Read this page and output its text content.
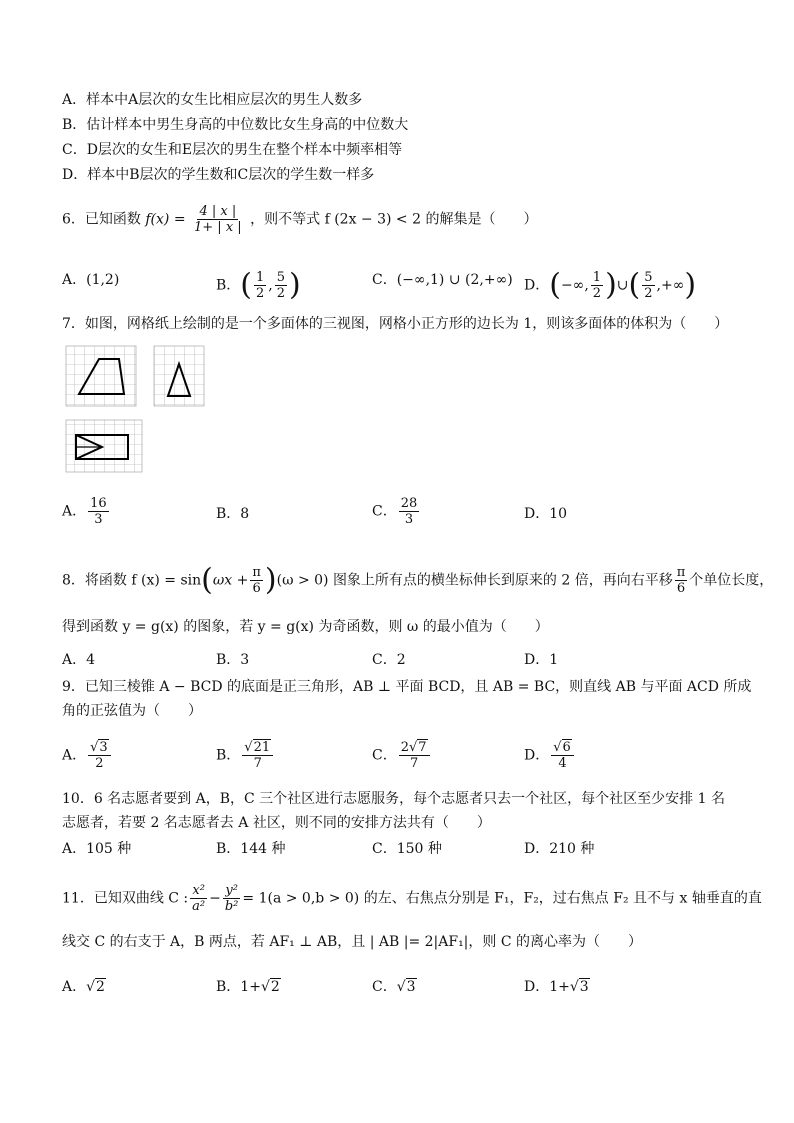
A．样本中A层次的女生比相应层次的男生人数多
B．估计样本中男生身高的中位数比女生身高的中位数大
C．D层次的女生和E层次的男生在整个样本中频率相等
D．样本中B层次的学生数和C层次的学生数一样多
6．已知函数 $f(x) = \frac{4 | x |}{1+ | x |}$ ，则不等式 f (2x − 3) < 2 的解集是（　　）
A．(1,2)	B．( $\frac{1}{2}$ , $\frac{5}{2}$ )	C．(−∞,1) ∪ (2,+∞) D．(−∞, $\frac{1}{2}$ )∪( $\frac{5}{2}$ ,+∞)
7．如图，网格纸上绘制的是一个多面体的三视图，网格小正方形的边长为 1，则该多面体的体积为（　　）
A． $\frac{16}{3}$	B．8	C． $\frac{28}{3}$	D．10
8．将函数 f $(x) = \sin(\omega x + \frac{\pi}{6} )(\omega > 0)$ 图象上所有点的横坐标伸长到原来的 2 倍，再向右平移 $\frac{\pi}{6}$ 个单位长度，
得到函数 y = g(x) 的图象，若 y = g(x) 为奇函数，则 ω 的最小值为（　　）
A．4	B．3	C．2	D．1
9．已知三棱锥 A − BCD 的底面是正三角形，AB ⊥ 平面 BCD，且 AB = BC，则直线 AB 与平面 ACD 所成
角的正弦值为（　　）
A． $\frac{√3}{2}$	B． $\frac{√21}{7}$	C． $\frac{2√7}{7}$	D． $\frac{√6}{4}$
10．6 名志愿者要到 A，B，C 三个社区进行志愿服务，每个志愿者只去一个社区，每个社区至少安排 1 名
志愿者，若要 2 名志愿者去 A 社区，则不同的安排方法共有（　　）
A．105 种	B．144 种	C．150 种	D．210 种
11．已知双曲线 C : $\frac{\text{x²}}{\text{a²}} - \frac{\text{y²}}{\text{b²}} = 1(a > 0,b > 0)$ 的左、右焦点分别是 F₁，F₂，过右焦点 F₂ 且不与 x 轴垂直的直
线交 C 的右支于 A，B 两点，若 AF₁ ⊥ AB，且 | AB |= 2|AF₁|，则 C 的离心率为（　　）
A．√2	B．1+√2	C．√3	D．1+√3
